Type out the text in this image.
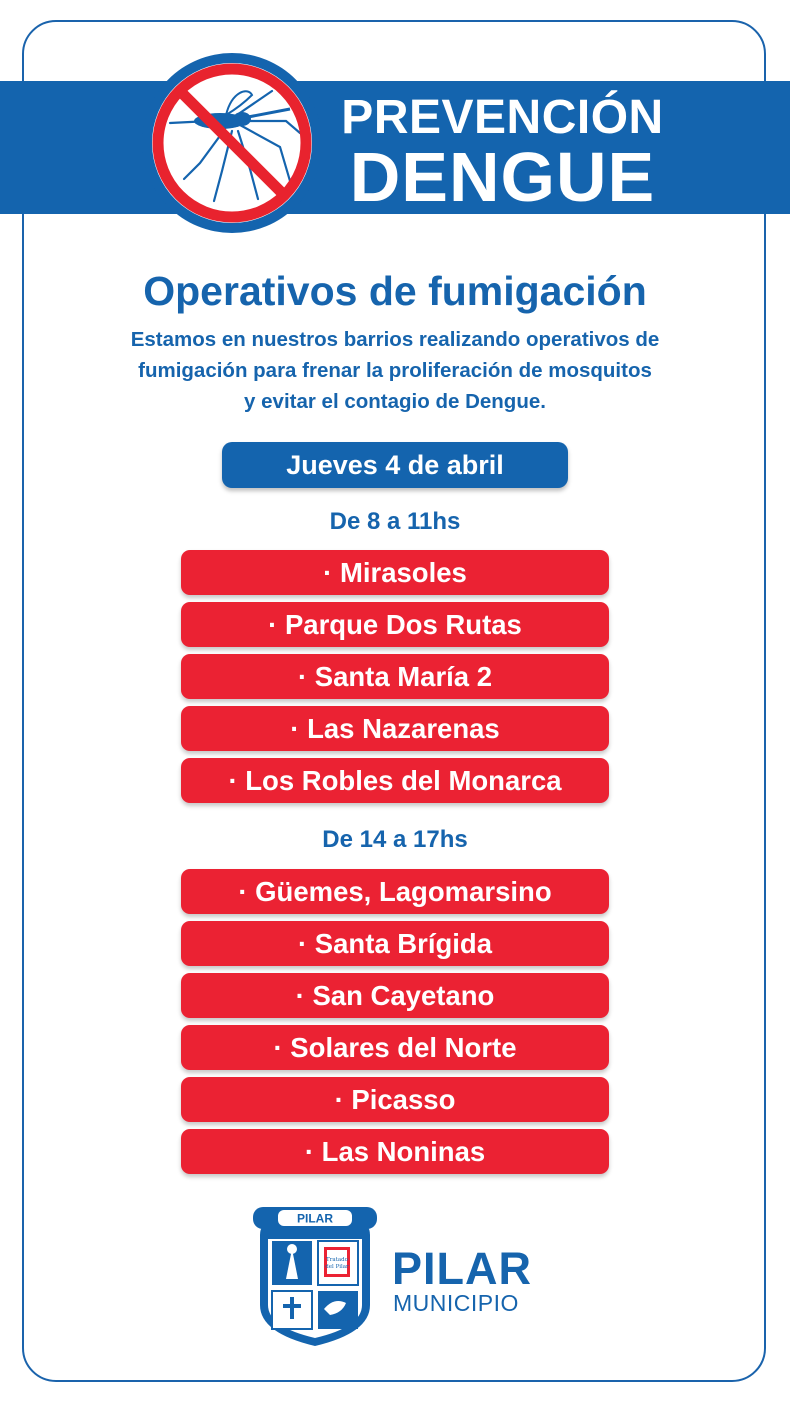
PREVENCIÓN
DENGUE
Operativos de fumigación
Estamos en nuestros barrios realizando operativos de
fumigación para frenar la proliferación de mosquitos
y evitar el contagio de Dengue.
Jueves 4 de abril
De 8 a 11hs
· Mirasoles
· Parque Dos Rutas
· Santa María 2
· Las Nazarenas
· Los Robles del Monarca
De 14 a 17hs
· Güemes, Lagomarsino
· Santa Brígida
· San Cayetano
· Solares del Norte
· Picasso
· Las Noninas
Tratado
del Pilar
PILAR
PILAR
MUNICIPIO
